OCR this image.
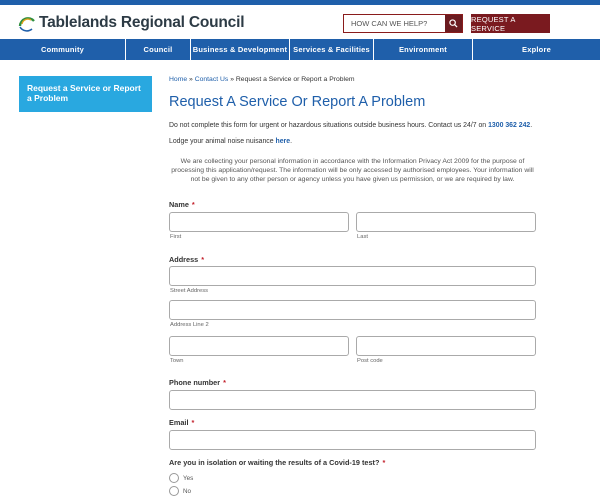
Tablelands Regional Council
HOW CAN WE HELP?	REQUEST A SERVICE
Community	Council	Business & Development Services & Facilities	Environment	Explore
Request a Service or Report a Problem
Home » Contact Us » Request a Service or Report a Problem
Request A Service Or Report A Problem
Do not complete this form for urgent or hazardous situations outside business hours. Contact us 24/7 on 1300 362 242.
Lodge your animal noise nuisance here.

We are collecting your personal information in accordance with the Information Privacy Act 2009 for the purpose of processing this application/request. The information will be only accessed by authorised employees. Your information will not be given to any other person or agency unless you have given us permission, or we are required by law.

Name *
First	Last
Address *
Street Address
Address Line 2
Town	Post code
Phone number *
Email *
Are you in isolation or waiting the results of a Covid-19 test? *
Yes
No
